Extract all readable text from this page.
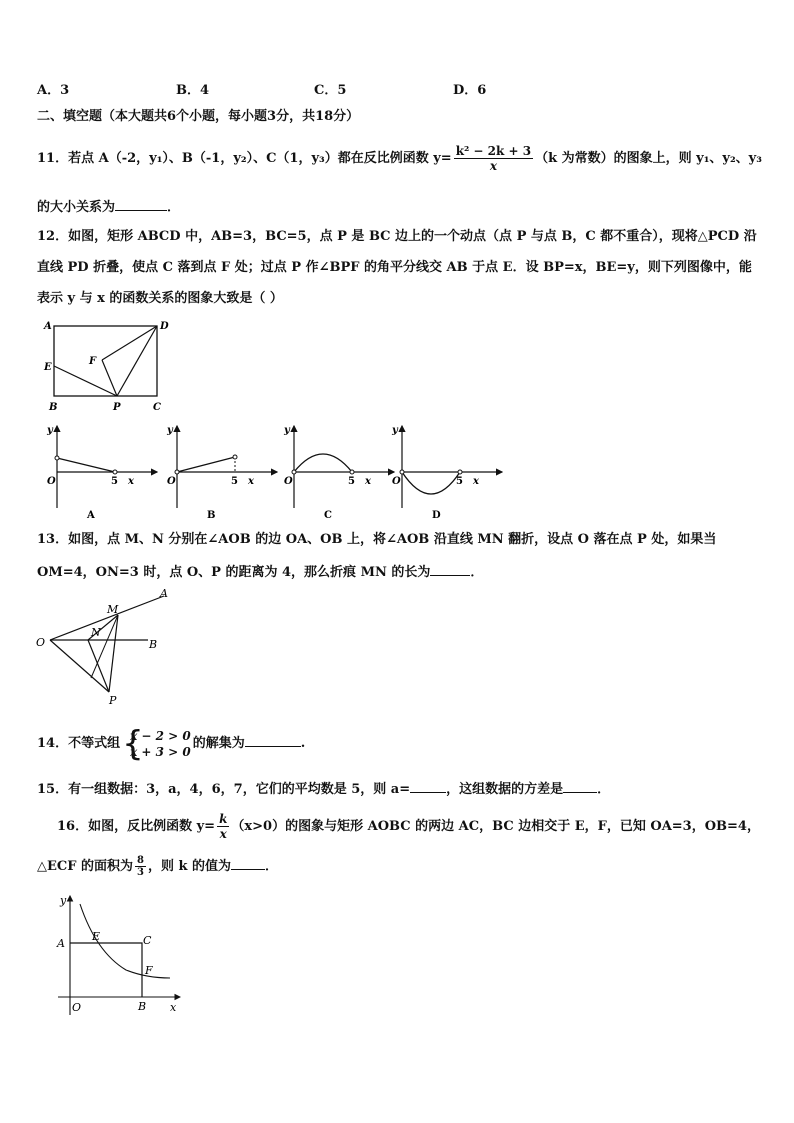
A．3	B．4	C．5	D．6
二、填空题（本大题共6个小题，每小题3分，共18分）
11．若点 A（-2，y₁）、B（-1，y₂）、C（1，y₃）都在反比例函数 $y= \frac{\text{k² − 2k + 3}}{x} (k$ 为常数）的图象上，则 y₁、y₂、y₃
的大小关系为	．
12．如图，矩形 ABCD 中，AB=3，BC=5，点 P 是 BC 边上的一个动点（点 P 与点 B，C 都不重合），现将△PCD 沿
直线 PD 折叠，使点 C 落到点 F 处；过点 P 作∠BPF 的角平分线交 AB 于点 E．设 BP=x，BE=y，则下列图像中，能
表示 y 与 x 的函数关系的图象大致是（ ）
A	D
E
F
B	P	C
y
O	5 x
A
y
O	5 x
B
y
O	5 x
C
y
O	5 x
D
13．如图，点 M、N 分别在∠AOB 的边 OA、OB 上，将∠AOB 沿直线 MN 翻折，设点 O 落在点 P 处，如果当
OM=4，ON=3 时，点 O、P 的距离为 4，那么折痕 MN 的长为	．
A
M
N
O	B
P
14．不等式组 {
x − 2 > 0
x + 3 > 0
的解集为	.
15．有一组数据：3，a，4，6，7，它们的平均数是 5，则 a=	，这组数据的方差是	．
16．如图，反比例函数 $y= \frac{k}{x} (x>0)$的图象与矩形 AOBC 的两边 AC，BC 边相交于 E，F，已知 OA=3，OB=4，
△ECF 的面积为 $\frac{8}{3}$ ，则 k 的值为	．
y
A
E	C
F
O	B x
